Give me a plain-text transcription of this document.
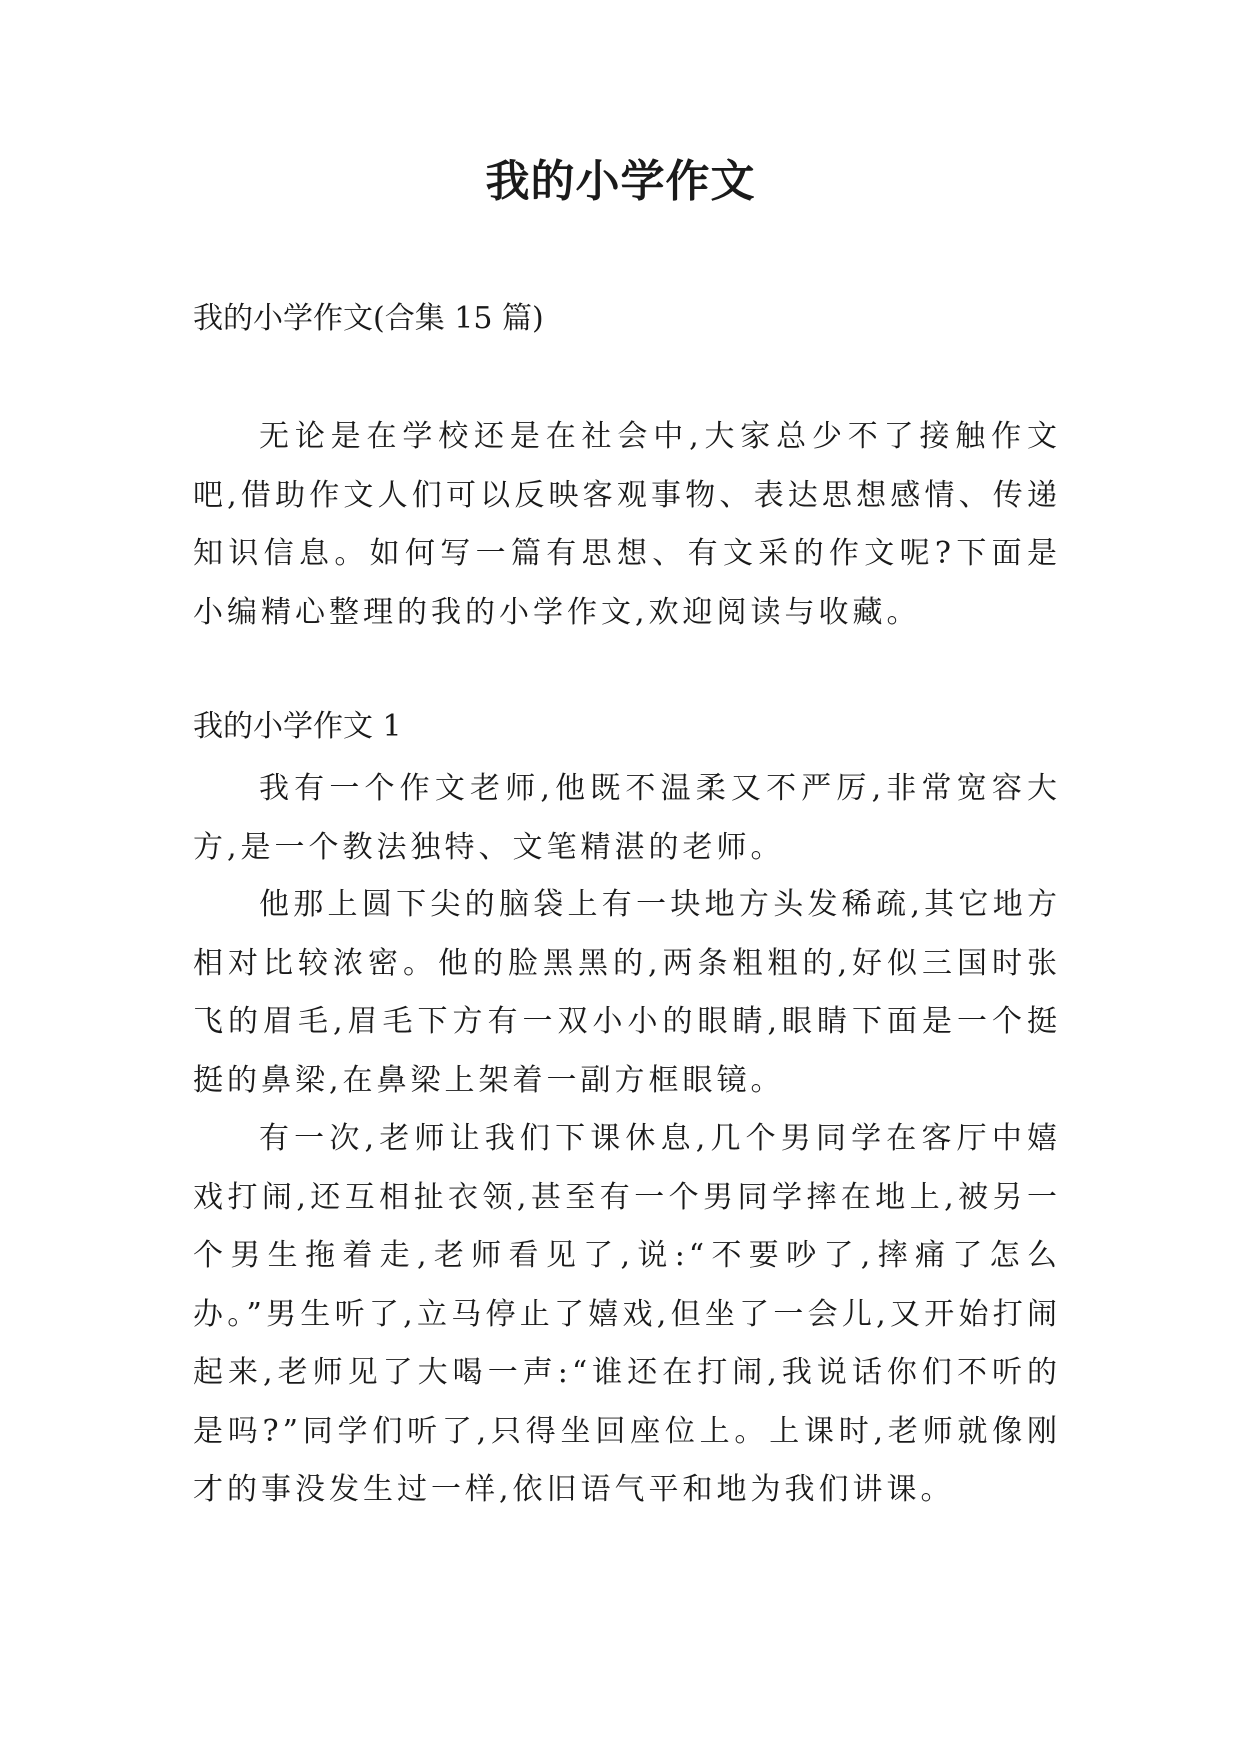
我的小学作文
我的小学作文(合集 15 篇)

无论是在学校还是在社会中,大家总少不了接触作文吧,借助作文人们可以反映客观事物、表达思想感情、传递知识信息。如何写一篇有思想、有文采的作文呢?下面是小编精心整理的我的小学作文,欢迎阅读与收藏。

我的小学作文 1

我有一个作文老师,他既不温柔又不严厉,非常宽容大方,是一个教法独特、文笔精湛的老师。

他那上圆下尖的脑袋上有一块地方头发稀疏,其它地方相对比较浓密。他的脸黑黑的,两条粗粗的,好似三国时张飞的眉毛,眉毛下方有一双小小的眼睛,眼睛下面是一个挺挺的鼻梁,在鼻梁上架着一副方框眼镜。

有一次,老师让我们下课休息,几个男同学在客厅中嬉戏打闹,还互相扯衣领,甚至有一个男同学摔在地上,被另一个男生拖着走,老师看见了,说:“不要吵了,摔痛了怎么办。”男生听了,立马停止了嬉戏,但坐了一会儿,又开始打闹起来,老师见了大喝一声:“谁还在打闹,我说话你们不听的是吗?”同学们听了,只得坐回座位上。上课时,老师就像刚才的事没发生过一样,依旧语气平和地为我们讲课。
